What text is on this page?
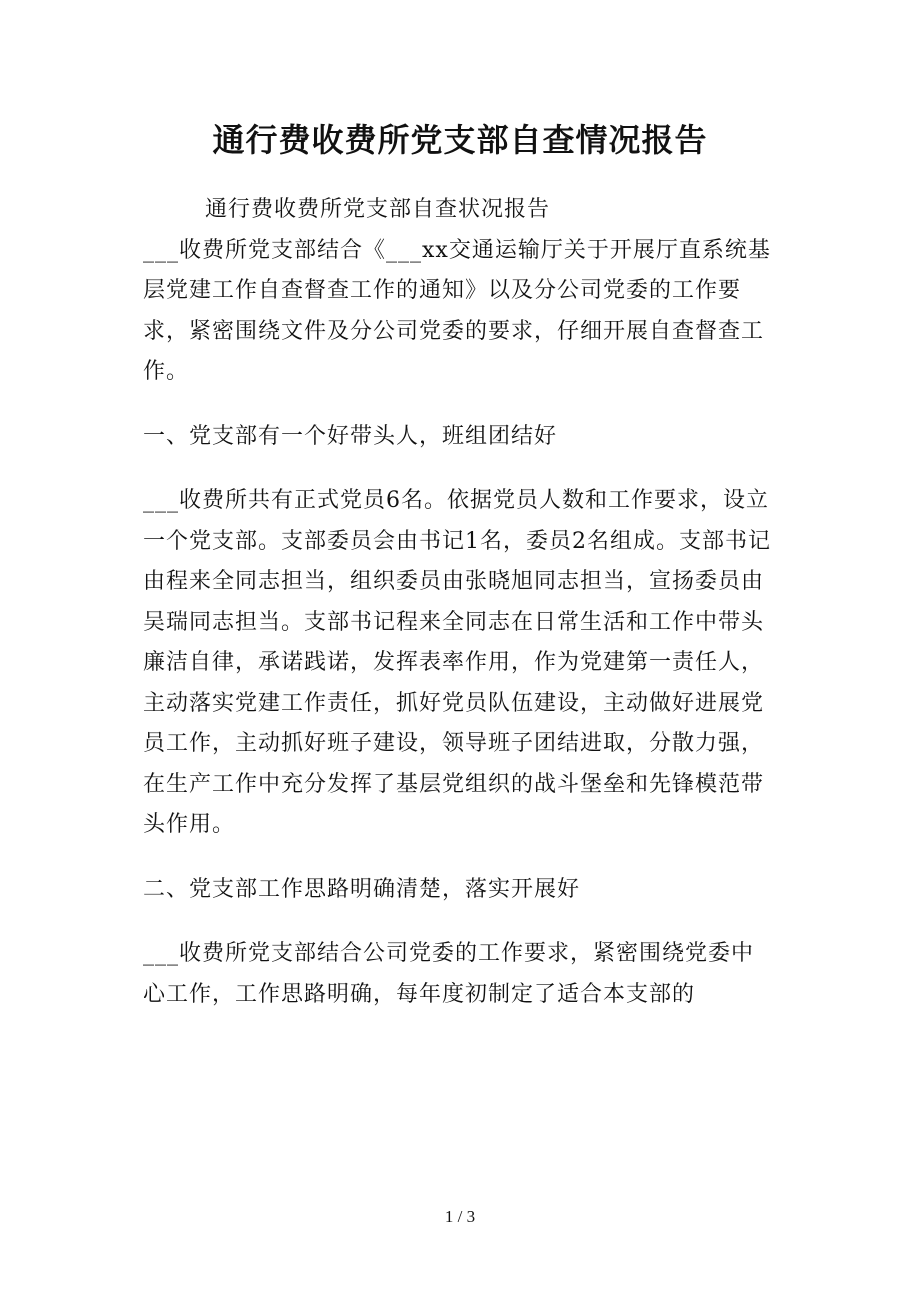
通行费收费所党支部自查情况报告

通行费收费所党支部自查状况报告

___收费所党支部结合《___xx交通运输厅关于开展厅直系统基层党建工作自查督查工作的通知》以及分公司党委的工作要求，紧密围绕文件及分公司党委的要求，仔细开展自查督查工作。

一、党支部有一个好带头人，班组团结好

___收费所共有正式党员6名。依据党员人数和工作要求，设立一个党支部。支部委员会由书记1名，委员2名组成。支部书记由程来全同志担当，组织委员由张晓旭同志担当，宣扬委员由吴瑞同志担当。支部书记程来全同志在日常生活和工作中带头廉洁自律，承诺践诺，发挥表率作用，作为党建第一责任人，主动落实党建工作责任，抓好党员队伍建设，主动做好进展党员工作，主动抓好班子建设，领导班子团结进取，分散力强，在生产工作中充分发挥了基层党组织的战斗堡垒和先锋模范带头作用。

二、党支部工作思路明确清楚，落实开展好

___收费所党支部结合公司党委的工作要求，紧密围绕党委中心工作，工作思路明确，每年度初制定了适合本支部的

1 / 3
